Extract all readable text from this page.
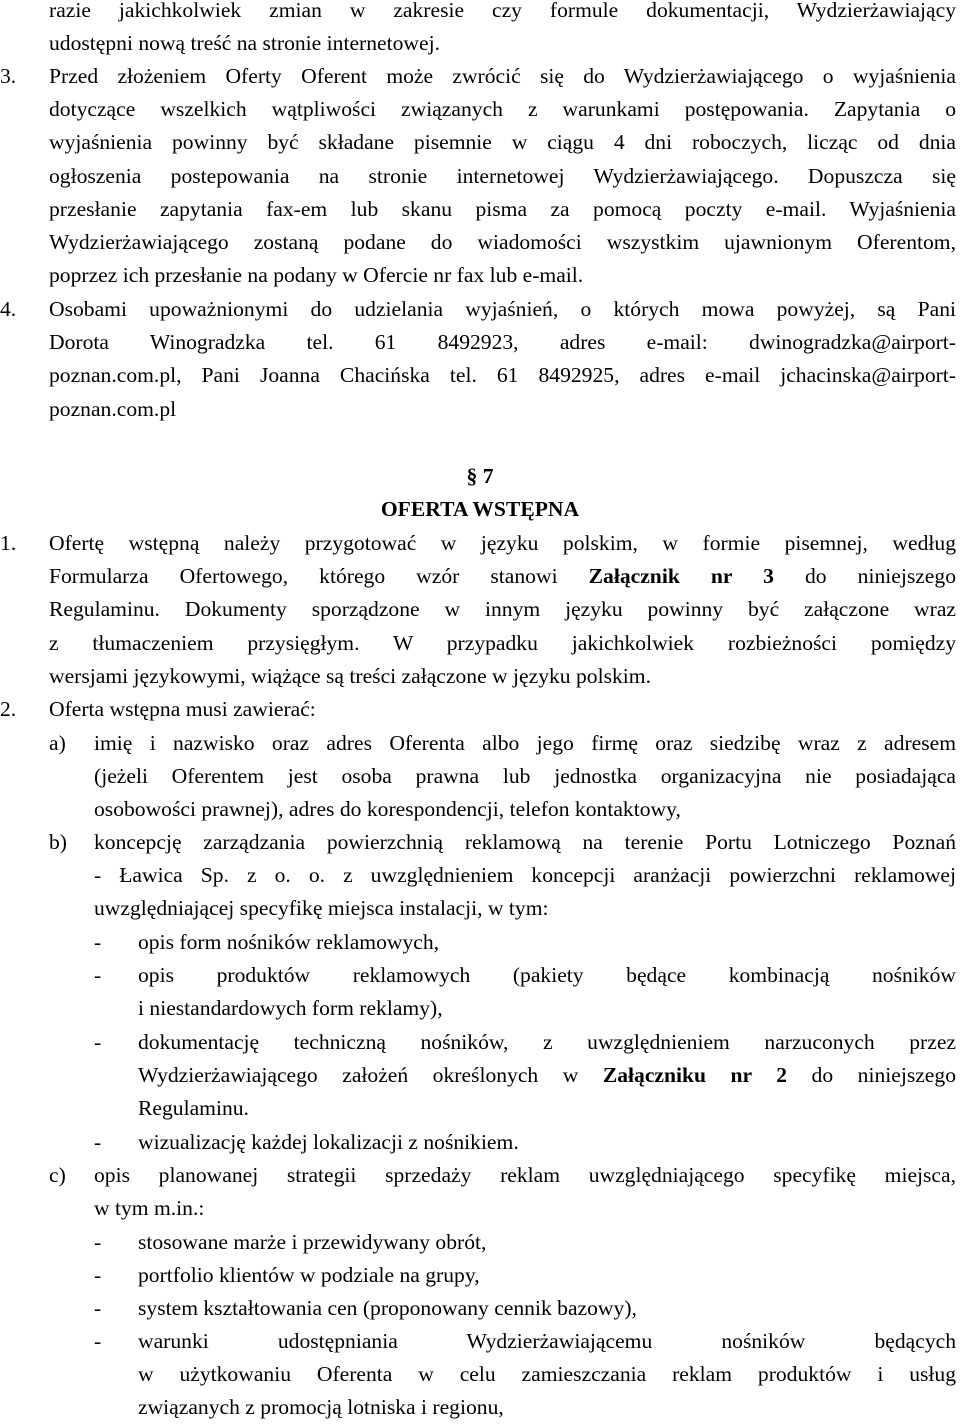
razie jakichkolwiek zmian w zakresie czy formule dokumentacji, Wydzierżawiający
udostępni nową treść na stronie internetowej.
3. Przed złożeniem Oferty Oferent może zwrócić się do Wydzierżawiającego o wyjaśnienia
dotyczące wszelkich wątpliwości związanych z warunkami postępowania. Zapytania o
wyjaśnienia powinny być składane pisemnie w ciągu 4 dni roboczych, licząc od dnia
ogłoszenia postepowania na stronie internetowej Wydzierżawiającego. Dopuszcza się
przesłanie zapytania fax-em lub skanu pisma za pomocą poczty e-mail. Wyjaśnienia
Wydzierżawiającego zostaną podane do wiadomości wszystkim ujawnionym Oferentom,
poprzez ich przesłanie na podany w Ofercie nr fax lub e-mail.
4. Osobami upoważnionymi do udzielania wyjaśnień, o których mowa powyżej, są Pani
Dorota Winogradzka tel. 61 8492923, adres e-mail: dwinogradzka@airport-
poznan.com.pl, Pani Joanna Chacińska tel. 61 8492925, adres e-mail jchacinska@airport-
poznan.com.pl
§ 7
OFERTA WSTĘPNA
1. Ofertę wstępną należy przygotować w języku polskim, w formie pisemnej, według
Formularza Ofertowego, którego wzór stanowi Załącznik nr 3 do niniejszego
Regulaminu. Dokumenty sporządzone w innym języku powinny być załączone wraz
z tłumaczeniem przysięgłym. W przypadku jakichkolwiek rozbieżności pomiędzy
wersjami językowymi, wiążące są treści załączone w języku polskim.
2. Oferta wstępna musi zawierać:
a) imię i nazwisko oraz adres Oferenta albo jego firmę oraz siedzibę wraz z adresem
(jeżeli Oferentem jest osoba prawna lub jednostka organizacyjna nie posiadająca
osobowości prawnej), adres do korespondencji, telefon kontaktowy,
b) koncepcję zarządzania powierzchnią reklamową na terenie Portu Lotniczego Poznań
- Ławica Sp. z o. o. z uwzględnieniem koncepcji aranżacji powierzchni reklamowej
uwzględniającej specyfikę miejsca instalacji, w tym:
- opis form nośników reklamowych,
- opis produktów reklamowych (pakiety będące kombinacją nośników
i niestandardowych form reklamy),
- dokumentację techniczną nośników, z uwzględnieniem narzuconych przez
Wydzierżawiającego założeń określonych w Załączniku nr 2 do niniejszego
Regulaminu.
- wizualizację każdej lokalizacji z nośnikiem.
c) opis planowanej strategii sprzedaży reklam uwzględniającego specyfikę miejsca,
w tym m.in.:
- stosowane marże i przewidywany obrót,
- portfolio klientów w podziale na grupy,
- system kształtowania cen (proponowany cennik bazowy),
- warunki udostępniania Wydzierżawiającemu nośników będących
w użytkowaniu Oferenta w celu zamieszczania reklam produktów i usług
związanych z promocją lotniska i regionu,
